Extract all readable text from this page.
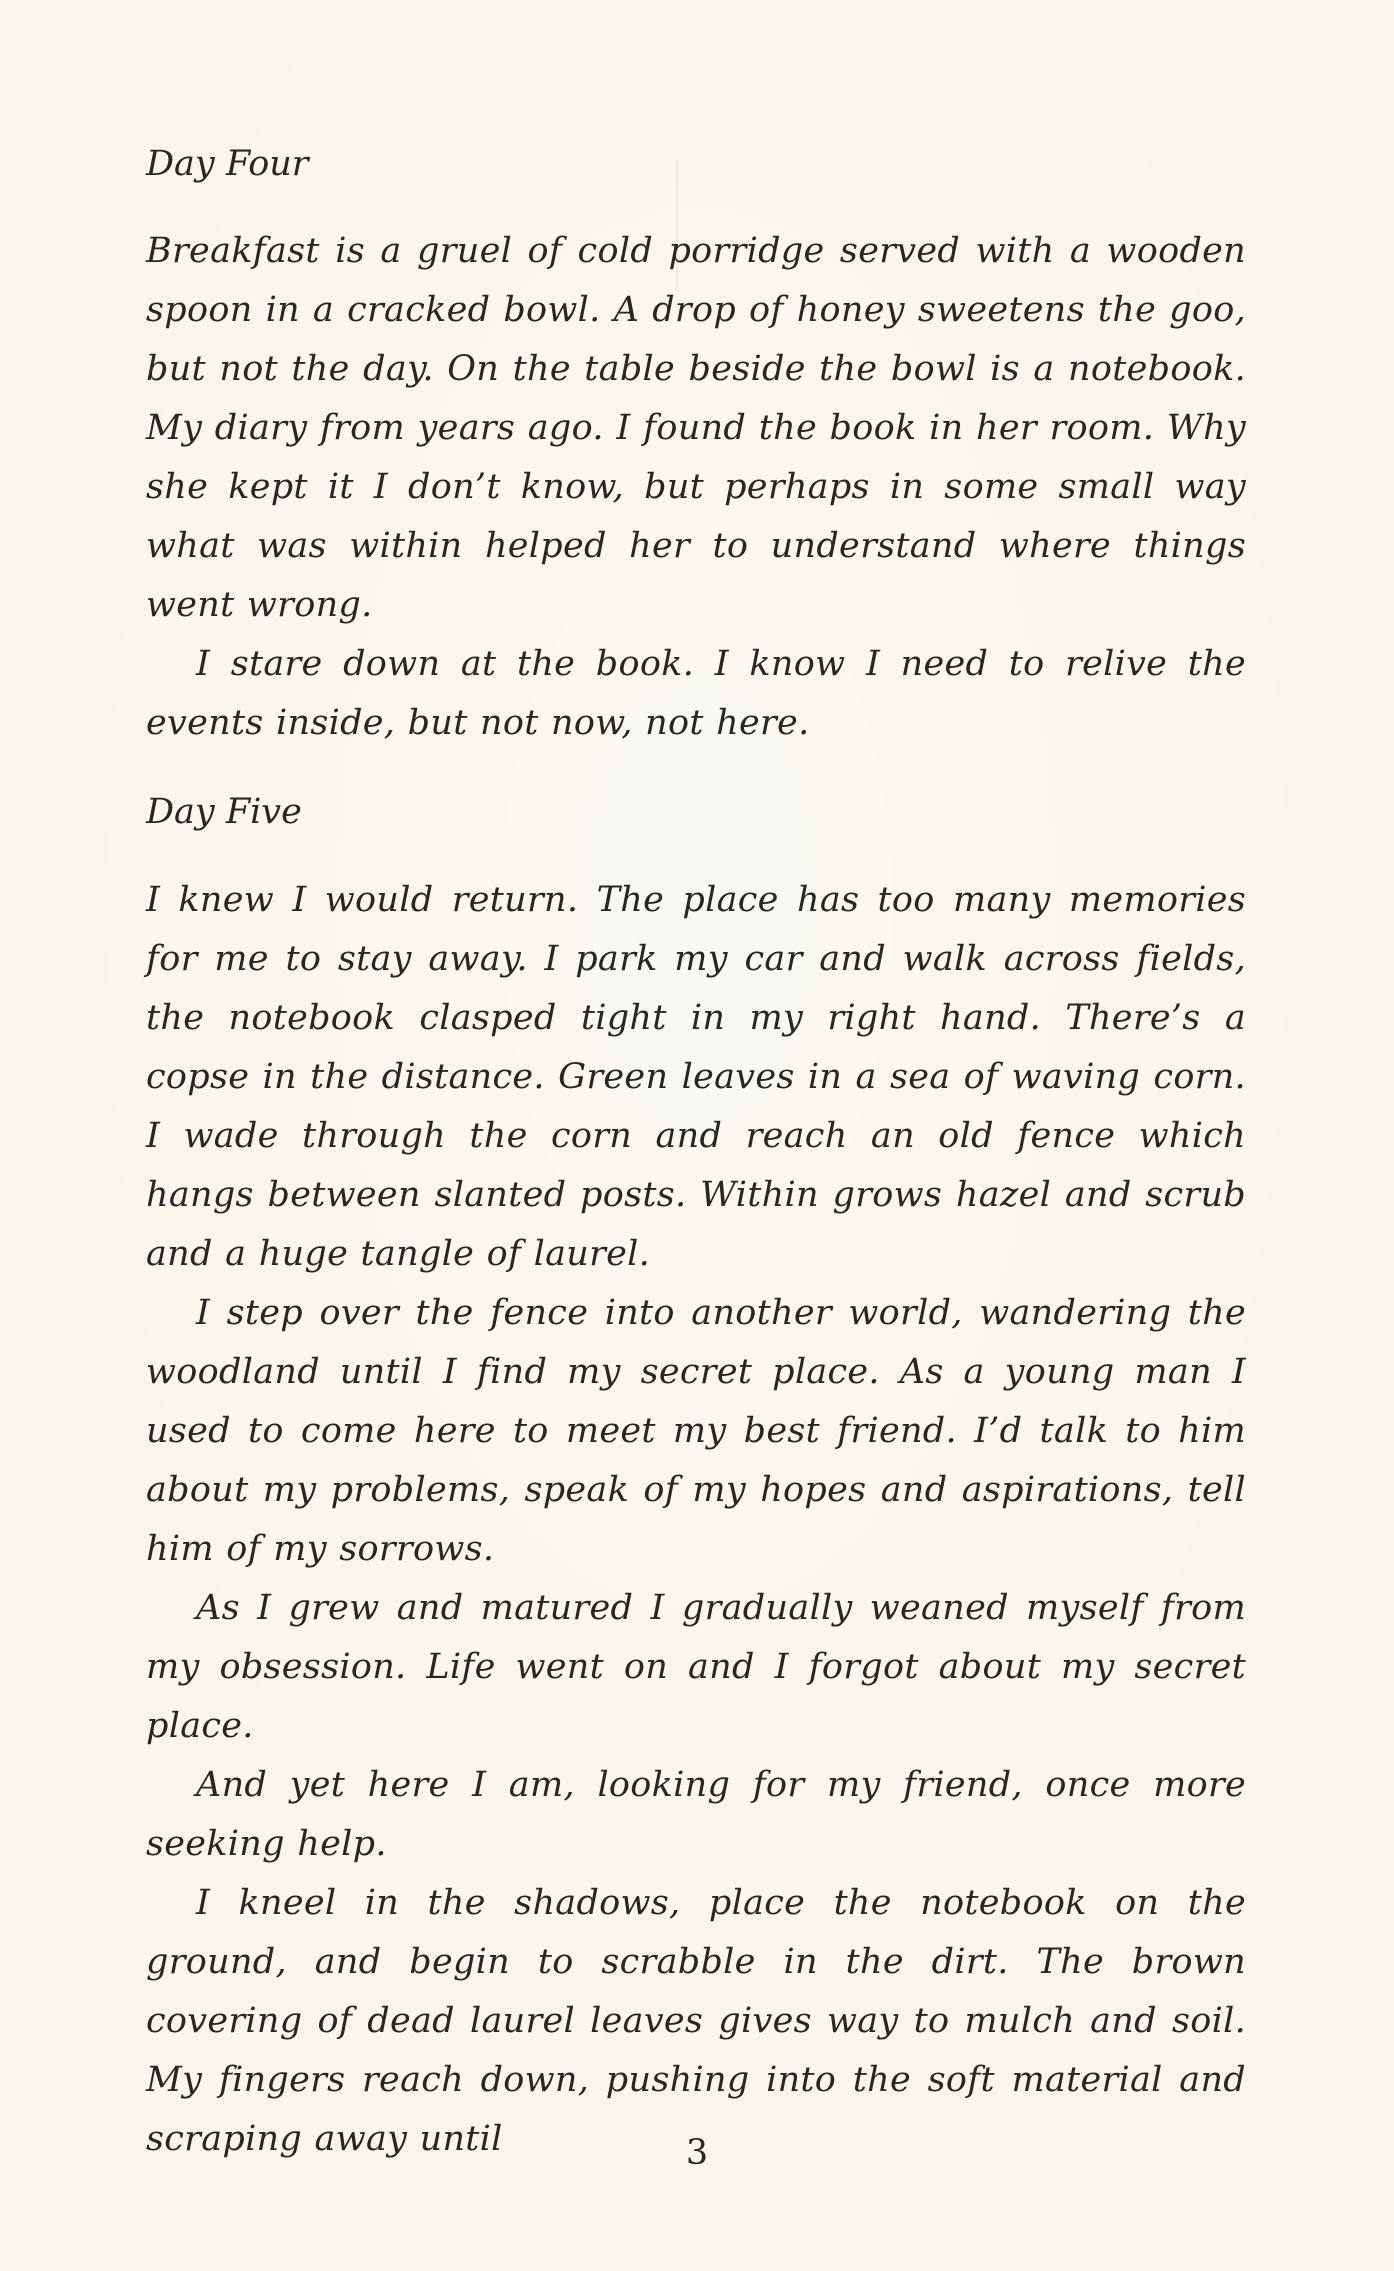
Day Four

Breakfast is a gruel of cold porridge served with a wooden spoon in a cracked bowl. A drop of honey sweetens the goo, but not the day. On the table beside the bowl is a notebook. My diary from years ago. I found the book in her room. Why she kept it I don’t know, but perhaps in some small way what was within helped her to understand where things went wrong.

I stare down at the book. I know I need to relive the events inside, but not now, not here.

Day Five

I knew I would return. The place has too many memories for me to stay away. I park my car and walk across fields, the notebook clasped tight in my right hand. There’s a copse in the distance. Green leaves in a sea of waving corn. I wade through the corn and reach an old fence which hangs between slanted posts. Within grows hazel and scrub and a huge tangle of laurel.

I step over the fence into another world, wandering the woodland until I find my secret place. As a young man I used to come here to meet my best friend. I’d talk to him about my problems, speak of my hopes and aspirations, tell him of my sorrows.

As I grew and matured I gradually weaned myself from my obsession. Life went on and I forgot about my secret place.

And yet here I am, looking for my friend, once more seeking help.

I kneel in the shadows, place the notebook on the ground, and begin to scrabble in the dirt. The brown covering of dead laurel leaves gives way to mulch and soil. My fingers reach down, pushing into the soft material and scraping away until	3
